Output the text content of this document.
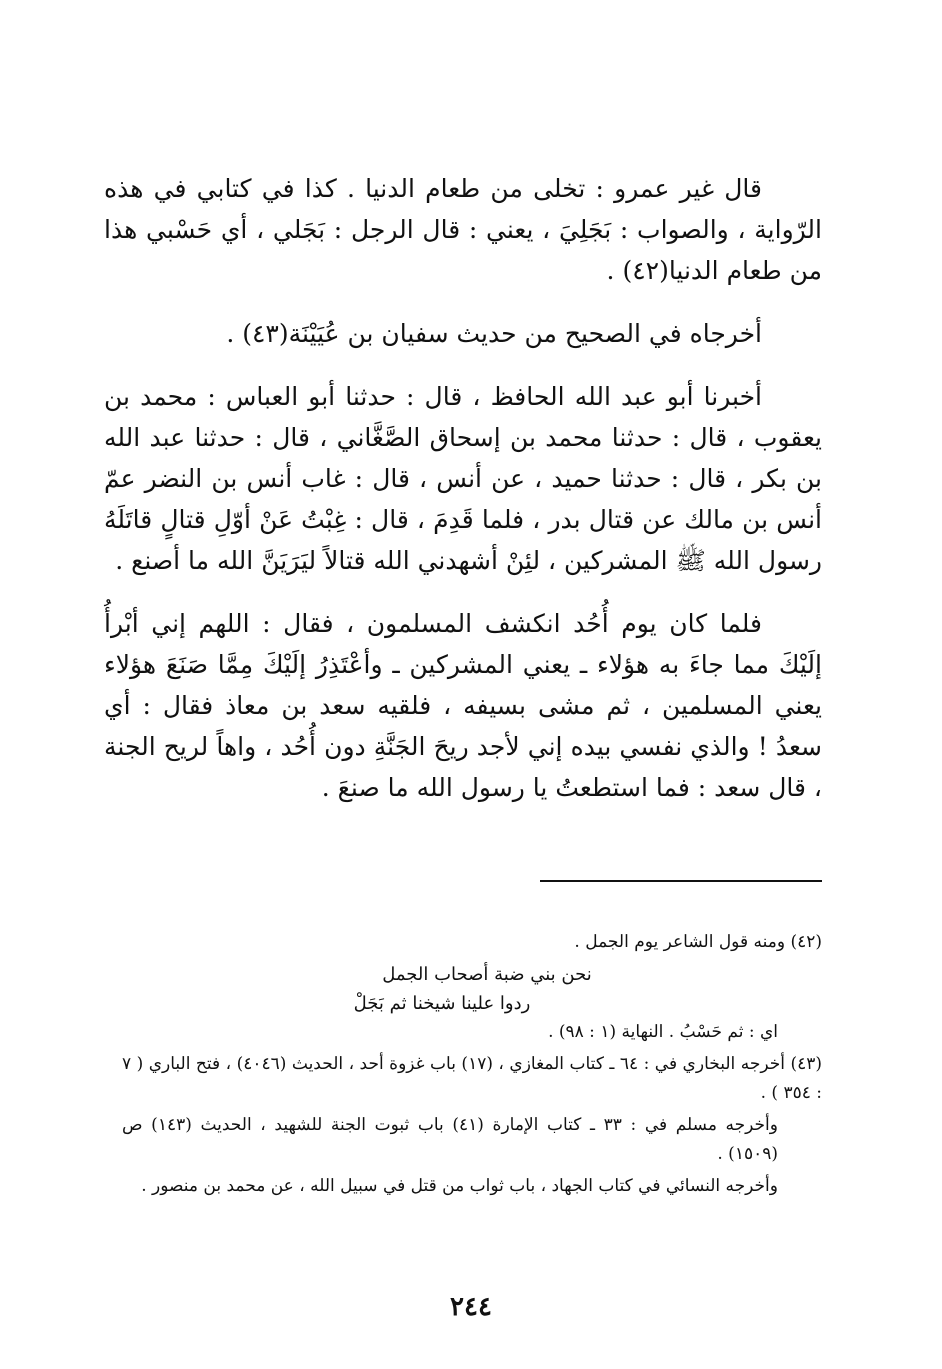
قال غير عمرو : تخلى من طعام الدنيا . كذا في كتابي في هذه الرّواية ، والصواب : بَجَلِيَ ، يعني : قال الرجل : بَجَلي ، أي حَسْبي هذا من طعام الدنيا(٤٢) .

أخرجاه في الصحيح من حديث سفيان بن عُيَيْنَة(٤٣) .

أخبرنا أبو عبد الله الحافظ ، قال : حدثنا أبو العباس : محمد بن يعقوب ، قال : حدثنا محمد بن إسحاق الصَّغَّاني ، قال : حدثنا عبد الله بن بكر ، قال : حدثنا حميد ، عن أنس ، قال : غاب أنس بن النضر عمّ أنس بن مالك عن قتال بدر ، فلما قَدِمَ ، قال : غِبْتُ عَنْ أوّلِ قتالٍ قاتَلَهُ رسول الله ﷺ المشركين ، لئِنْ أشهدني الله قتالاً ليَرَيَنَّ الله ما أصنع .

فلما كان يوم أُحُد انكشف المسلمون ، فقال : اللهم إني أبْرأُ إلَيْكَ مما جاءَ به هؤلاء ـ يعني المشركين ـ وأعْتَذِرُ إلَيْكَ مِمَّا صَنَعَ هؤلاء يعني المسلمين ، ثم مشى بسيفه ، فلقيه سعد بن معاذ فقال : أي سعدُ ! والذي نفسي بيده إني لأجد ريحَ الجَنَّةِ دون أُحُد ، واهاً لريح الجنة ، قال سعد : فما استطعتُ يا رسول الله ما صنعَ .

(٤٢) ومنه قول الشاعر يوم الجمل .

نحن بني ضبة أصحاب الجمل

ردوا علينا شيخنا ثم بَجَلْ

اي : ثم حَسْبُ . النهاية (١ : ٩٨) .

(٤٣) أخرجه البخاري في : ٦٤ ـ كتاب المغازي ، (١٧) باب غزوة أحد ، الحديث (٤٠٤٦) ، فتح الباري ( ٧ : ٣٥٤ ) .

وأخرجه مسلم في : ٣٣ ـ كتاب الإمارة (٤١) باب ثبوت الجنة للشهيد ، الحديث (١٤٣) ص (١٥٠٩) .

وأخرجه النسائي في كتاب الجهاد ، باب ثواب من قتل في سبيل الله ، عن محمد بن منصور .

٢٤٤
